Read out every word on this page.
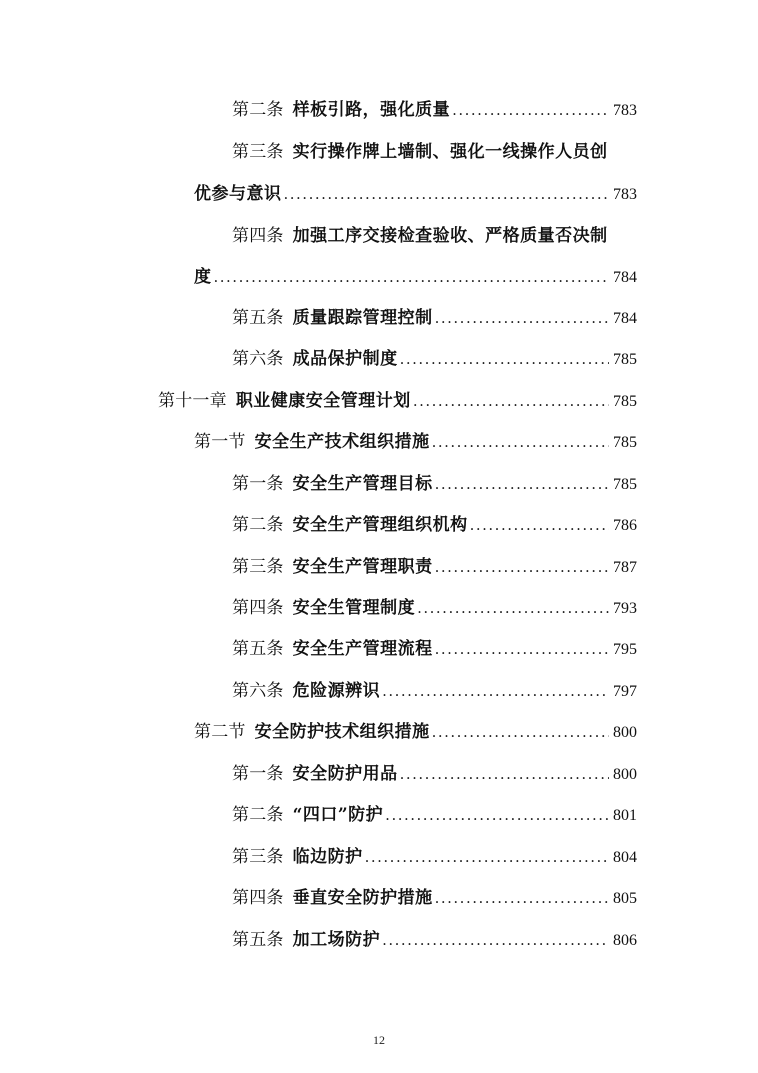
第二条 样板引路，强化质量 .....	783
第三条 实行操作牌上墙制、强化一线操作人员创
优参与意识 .....	783
第四条 加强工序交接检查验收、严格质量否决制
度 .....	784
第五条 质量跟踪管理控制 .....	784
第六条 成品保护制度 .....	785
第十一章 职业健康安全管理计划 .....	785
第一节 安全生产技术组织措施 .....	785
第一条 安全生产管理目标 .....	785
第二条 安全生产管理组织机构 .....	786
第三条 安全生产管理职责 .....	787
第四条 安全生管理制度 .....	793
第五条 安全生产管理流程 .....	795
第六条 危险源辨识 .....	797
第二节 安全防护技术组织措施 .....	800
第一条 安全防护用品 .....	800
第二条 “四口”防护 .....	801
第三条 临边防护 .....	804
第四条 垂直安全防护措施 .....	805
第五条 加工场防护 .....	806
12
